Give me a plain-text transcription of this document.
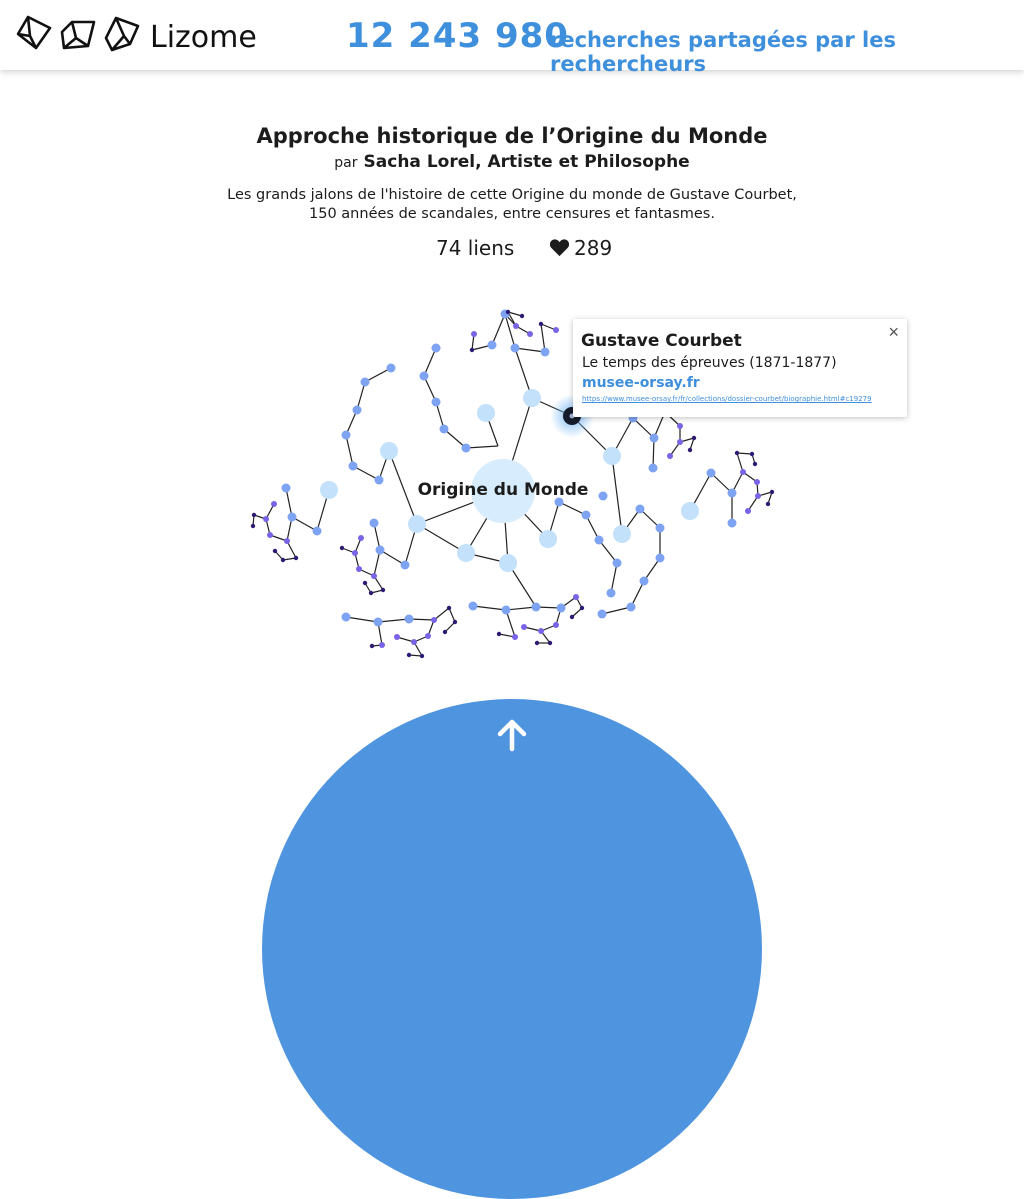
Lizome	12 243 980
recherches partagées par les rechercheurs
Approche historique de l’Origine du Monde
par Sacha Lorel, Artiste et Philosophe
Les grands jalons de l'histoire de cette Origine du monde de Gustave Courbet,
150 années de scandales, entre censures et fantasmes.
74 liens	289
Origine du Monde
Gustave Courbet
Le temps des épreuves (1871-1877)
musee-orsay.fr
https://www.musee-orsay.fr/fr/collections/dossier-courbet/biographie.html#c19279
×
